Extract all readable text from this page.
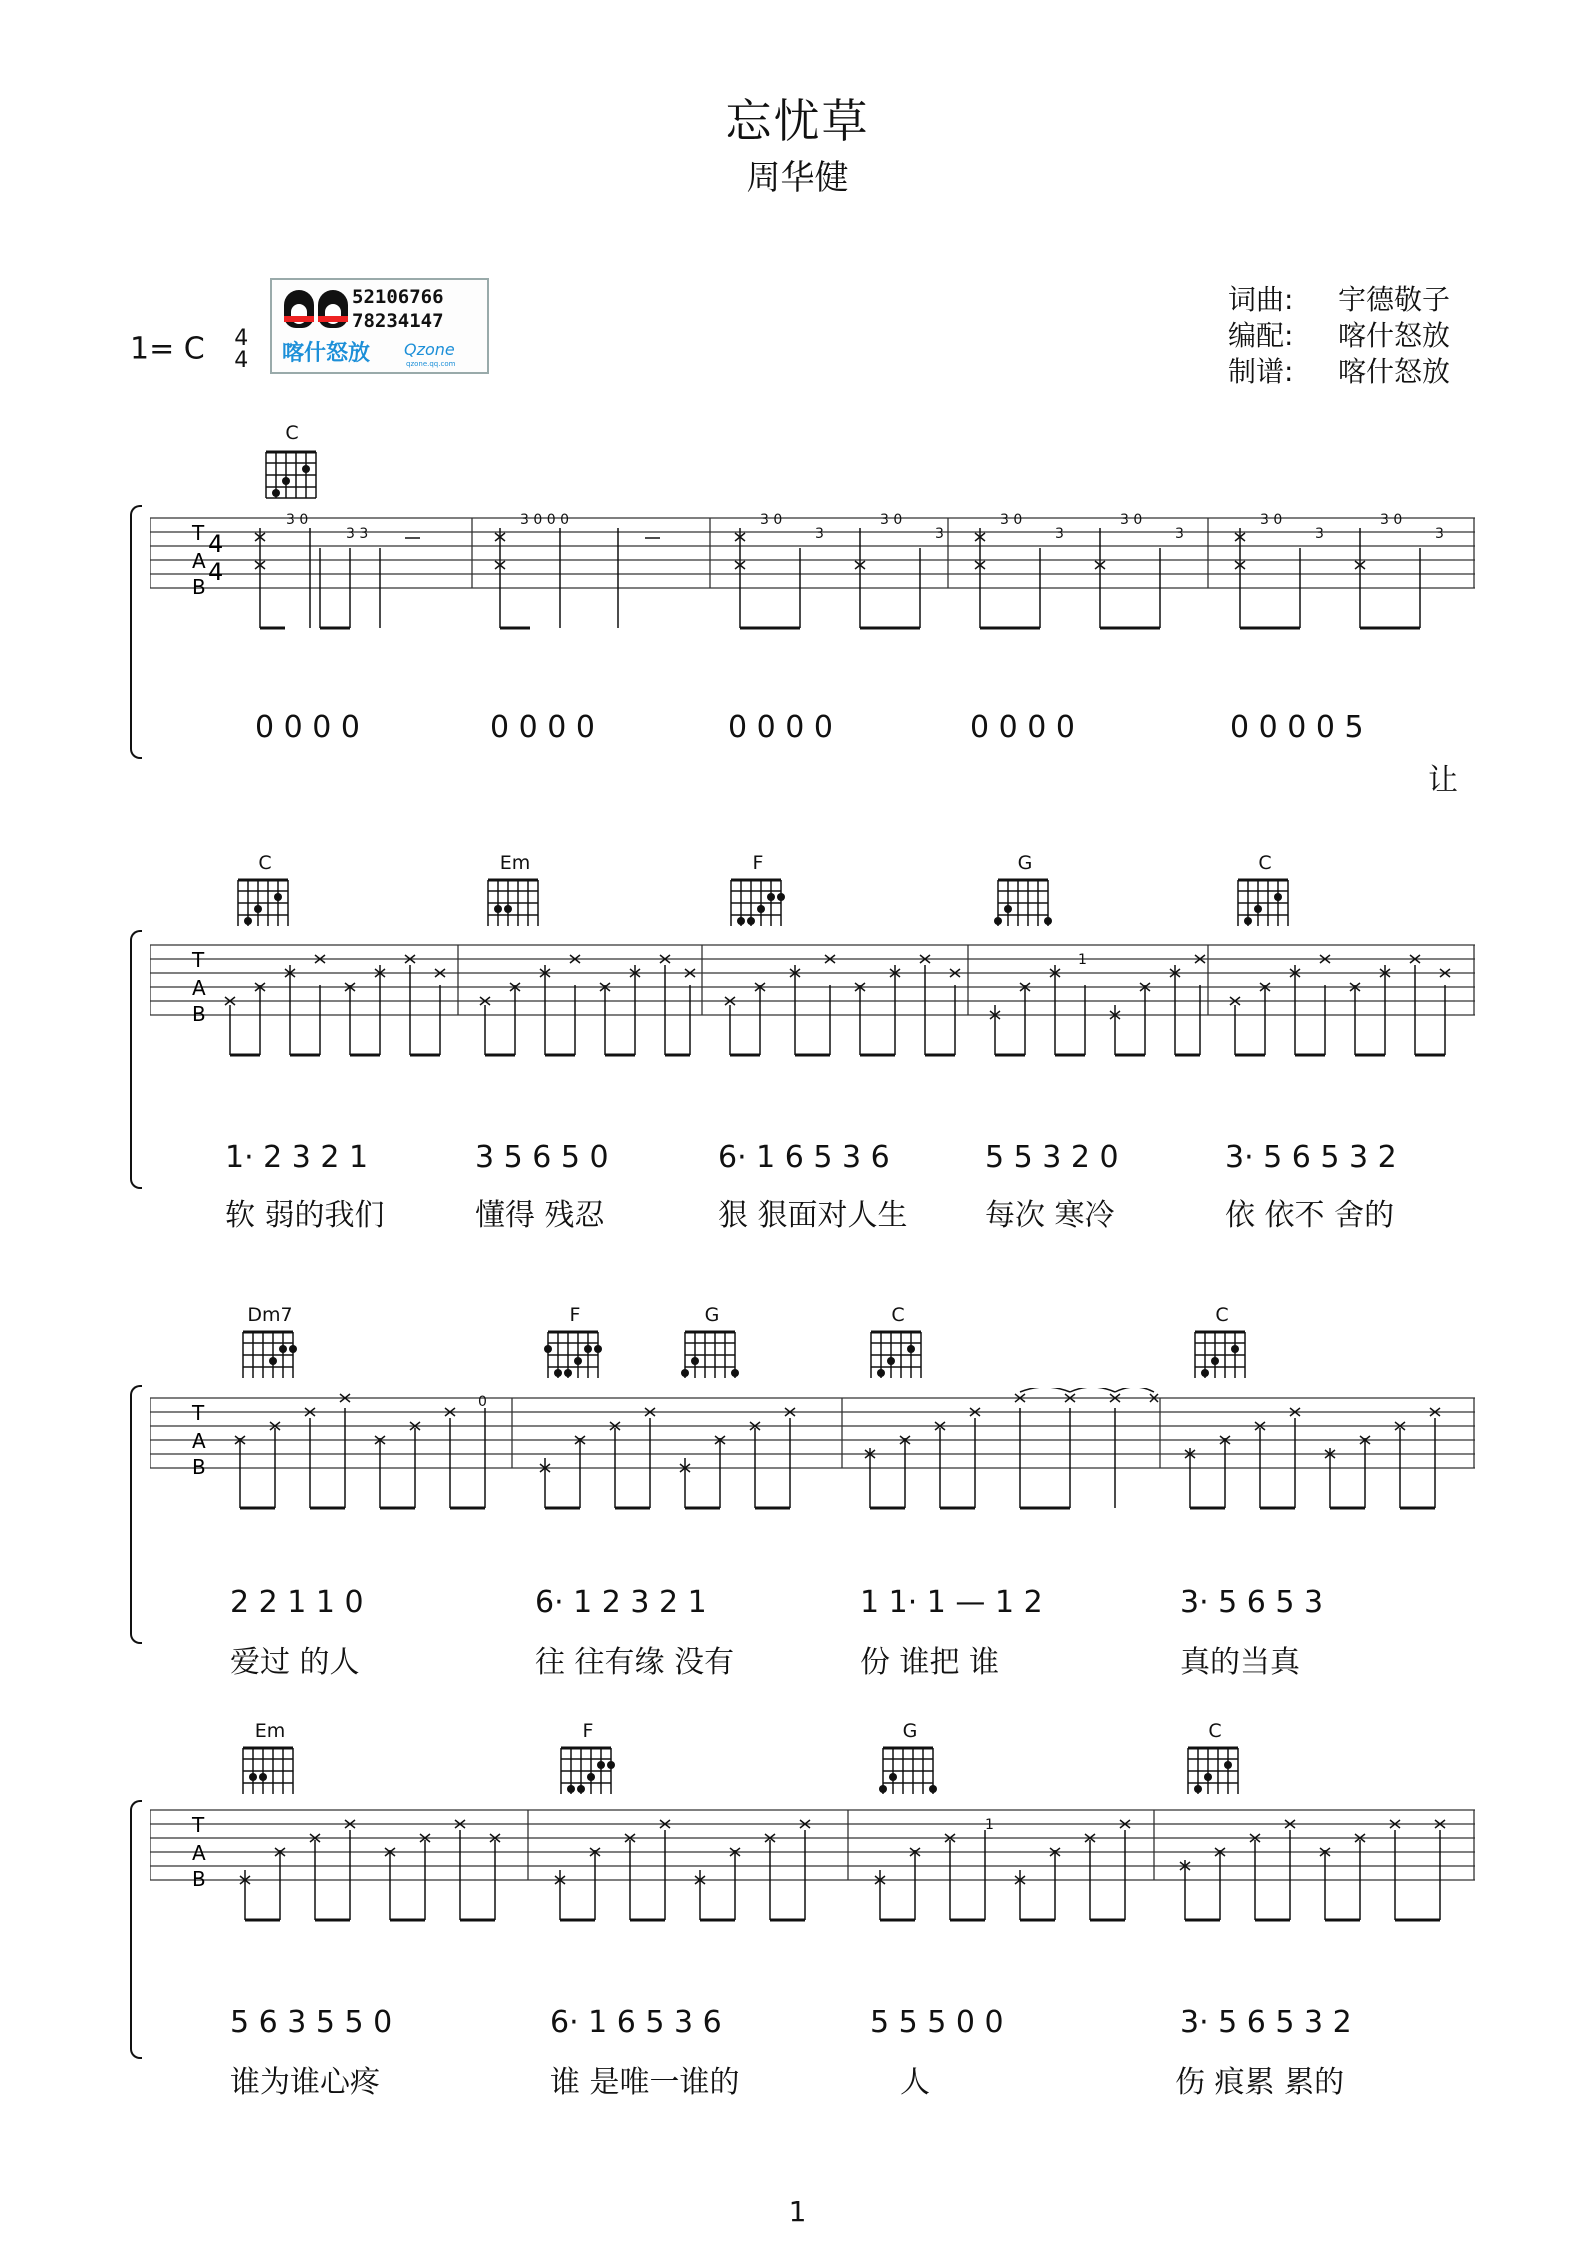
忘忧草
周华健
1= C 4
4
52106766
78234147
喀什怒放 Qzone
qzone.qq.com
词曲: 宇德敬子
编配: 喀什怒放
制谱: 喀什怒放
C
T
A
B
4
4
3 0
3 3
3 0 0 0	3 0
3
3 0
3
3 0
3
3 0
3
3 0
3
3 0
3
0 0 0 0	0 0 0 0	0 0 0 0	0 0 0 0	0 0 0 0 5
让
C	Em	F	G	C
T
A
B
1
1· 2 3 2 1	3 5 6 5 0	6· 1 6 5 3 6	5 5 3 2 0	3· 5 6 5 3 2
软 弱的我们	懂得 残忍	狠 狠面对人生	每次 寒冷	依 依不 舍的
Dm7	F	G	C	C
T
A
B
0
2 2 1 1 0	6· 1 2 3 2 1	1 1· 1 — 1 2	3· 5 6 5 3
爱过 的人	往 往有缘 没有	份 谁把 谁	真的当真
Em	F	G	C
T
A
B
1
5 6 3 5 5 0	6· 1 6 5 3 6	5 5 5 0 0	3· 5 6 5 3 2
谁为谁心疼	谁 是唯一谁的	人	伤 痕累 累的
1
